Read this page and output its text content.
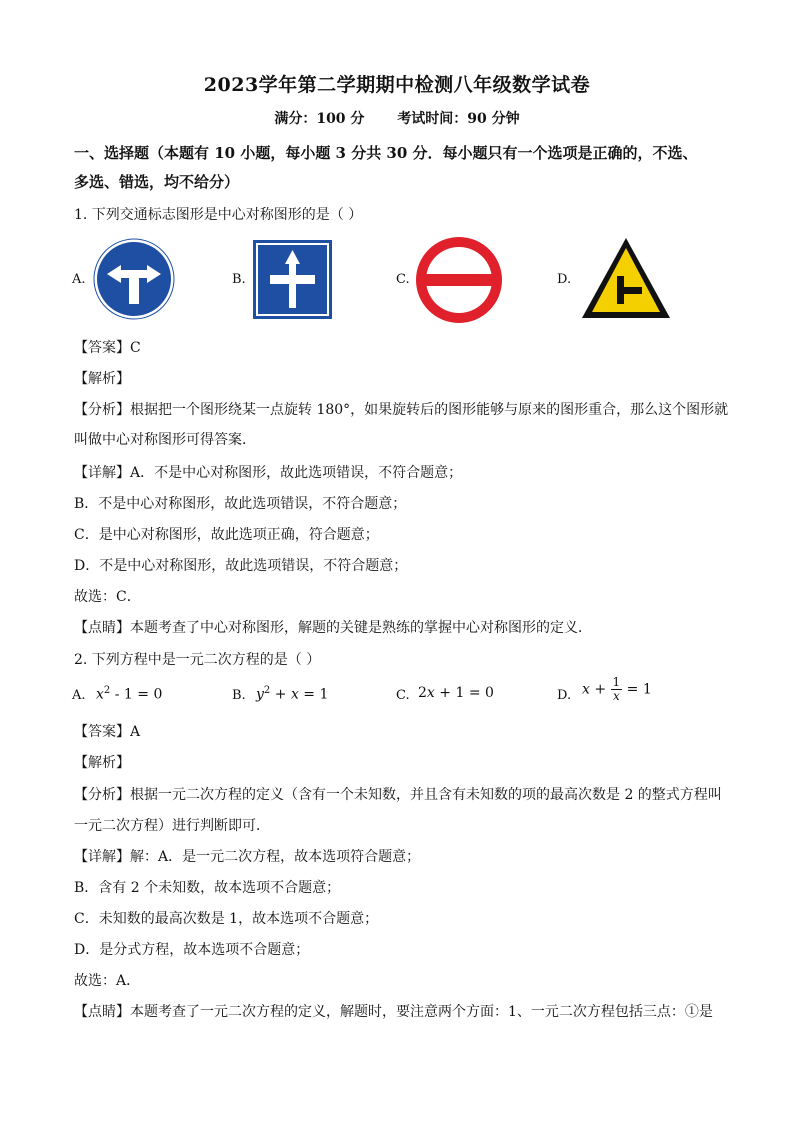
2023学年第二学期期中检测八年级数学试卷
满分：100 分 考试时间：90 分钟
一、选择题（本题有 10 小题，每小题 3 分共 30 分．每小题只有一个选项是正确的，不选、
多选、错选，均不给分）
1. 下列交通标志图形是中心对称图形的是（ ）
A.	B.	C.	D.
【答案】C
【解析】
【分析】根据把一个图形绕某一点旋转 180°，如果旋转后的图形能够与原来的图形重合，那么这个图形就
叫做中心对称图形可得答案．
【详解】A．不是中心对称图形，故此选项错误，不符合题意；
B．不是中心对称图形，故此选项错误，不符合题意；
C．是中心对称图形，故此选项正确，符合题意；
D．不是中心对称图形，故此选项错误，不符合题意；
故选：C．
【点睛】本题考查了中心对称图形，解题的关键是熟练的掌握中心对称图形的定义．
2. 下列方程中是一元二次方程的是（ ）
A. $x^2 - 1 = 0$	B. $y^2 + x = 1$	C. 2x + 1 = 0	D. $x + \frac{1}{x} = 1$
【答案】A
【解析】
【分析】根据一元二次方程的定义（含有一个未知数，并且含有未知数的项的最高次数是 2 的整式方程叫
一元二次方程）进行判断即可．
【详解】解：A．是一元二次方程，故本选项符合题意；
B．含有 2 个未知数，故本选项不合题意；
C．未知数的最高次数是 1，故本选项不合题意；
D．是分式方程，故本选项不合题意；
故选：A．
【点睛】本题考查了一元二次方程的定义，解题时，要注意两个方面：1、一元二次方程包括三点：①是
